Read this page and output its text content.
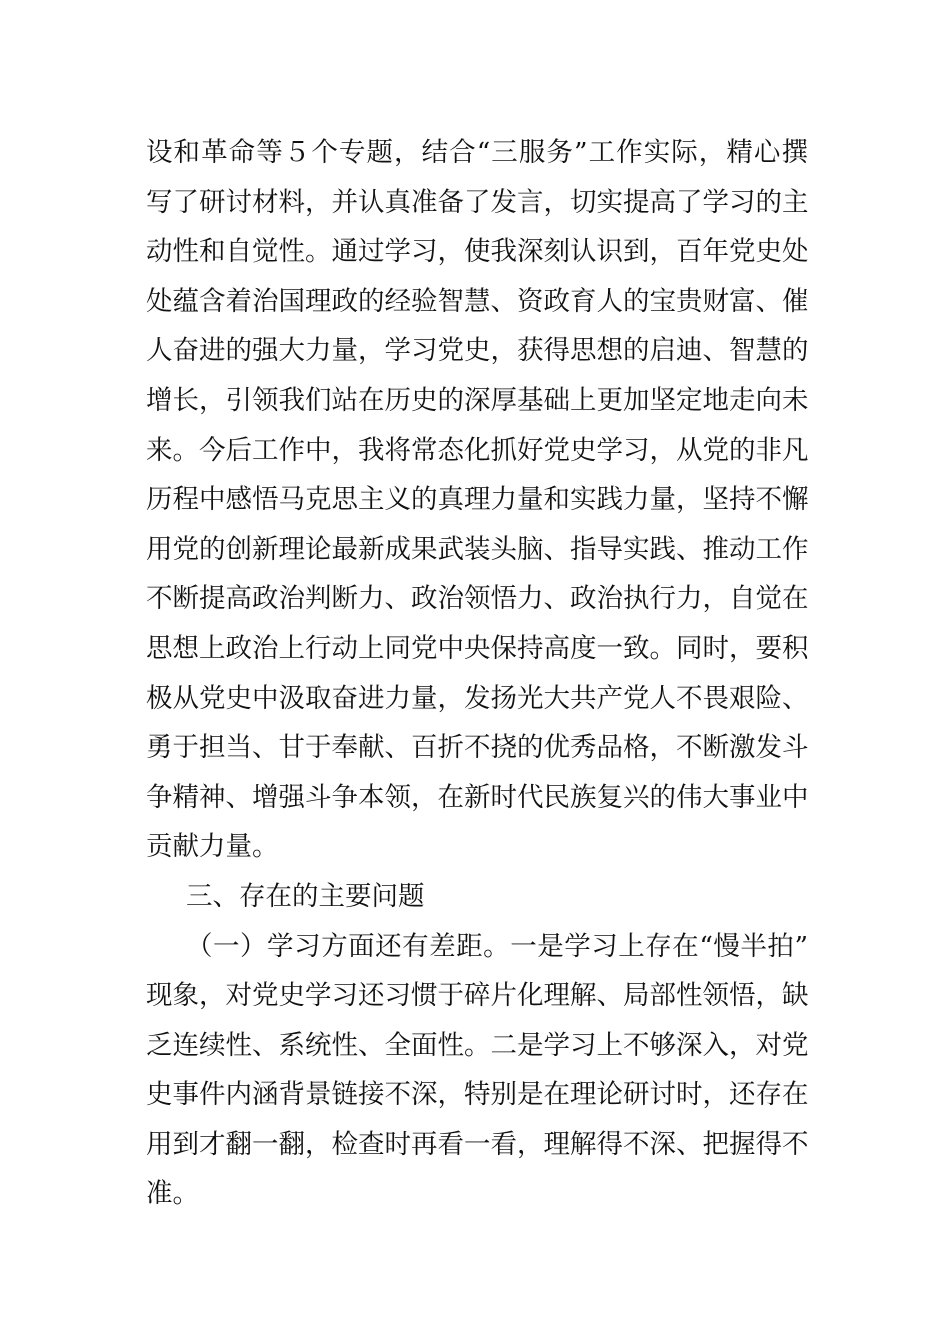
设和革命等５个专题，结合“三服务”工作实际，精心撰
写了研讨材料，并认真准备了发言，切实提高了学习的主
动性和自觉性。通过学习，使我深刻认识到，百年党史处
处蕴含着治国理政的经验智慧、资政育人的宝贵财富、催
人奋进的强大力量，学习党史，获得思想的启迪、智慧的
增长，引领我们站在历史的深厚基础上更加坚定地走向未
来。今后工作中，我将常态化抓好党史学习，从党的非凡
历程中感悟马克思主义的真理力量和实践力量，坚持不懈
用党的创新理论最新成果武装头脑、指导实践、推动工作
不断提高政治判断力、政治领悟力、政治执行力，自觉在
思想上政治上行动上同党中央保持高度一致。同时，要积
极从党史中汲取奋进力量，发扬光大共产党人不畏艰险、
勇于担当、甘于奉献、百折不挠的优秀品格，不断激发斗
争精神、增强斗争本领，在新时代民族复兴的伟大事业中
贡献力量。
三、存在的主要问题
（一）学习方面还有差距。一是学习上存在“慢半拍”
现象，对党史学习还习惯于碎片化理解、局部性领悟，缺
乏连续性、系统性、全面性。二是学习上不够深入，对党
史事件内涵背景链接不深，特别是在理论研讨时，还存在
用到才翻一翻，检查时再看一看，理解得不深、把握得不
准。
